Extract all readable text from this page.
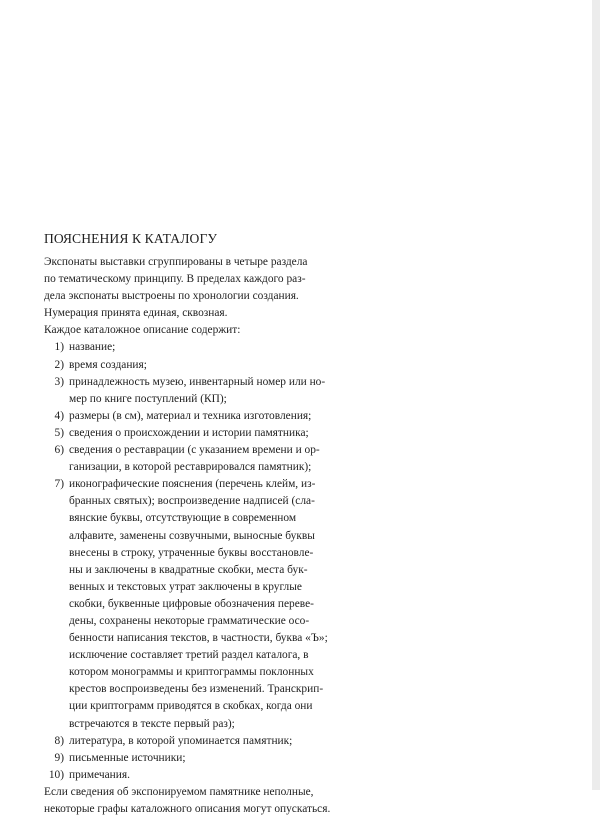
ПОЯСНЕНИЯ К КАТАЛОГУ
Экспонаты выставки сгруппированы в четыре раздела
по тематическому принципу. В пределах каждого раз-
дела экспонаты выстроены по хронологии создания.
Нумерация принята единая, сквозная.
Каждое каталожное описание содержит:
1) название;
2) время создания;
3) принадлежность музею, инвентарный номер или но-
мер по книге поступлений (КП);
4) размеры (в см), материал и техника изготовления;
5) сведения о происхождении и истории памятника;
6) сведения о реставрации (с указанием времени и ор-
ганизации, в которой реставрировался памятник);
7) иконографические пояснения (перечень клейм, из-
бранных святых); воспроизведение надписей (сла-
вянские буквы, отсутствующие в современном
алфавите, заменены созвучными, выносные буквы
внесены в строку, утраченные буквы восстановле-
ны и заключены в квадратные скобки, места бук-
венных и текстовых утрат заключены в круглые
скобки, буквенные цифровые обозначения переве-
дены, сохранены некоторые грамматические осо-
бенности написания текстов, в частности, буква «Ъ»;
исключение составляет третий раздел каталога, в
котором монограммы и криптограммы поклонных
крестов воспроизведены без изменений. Транскрип-
ции криптограмм приводятся в скобках, когда они
встречаются в тексте первый раз);
8) литература, в которой упоминается памятник;
9) письменные источники;
10) примечания.
Если сведения об экспонируемом памятнике неполные,
некоторые графы каталожного описания могут опускаться.
